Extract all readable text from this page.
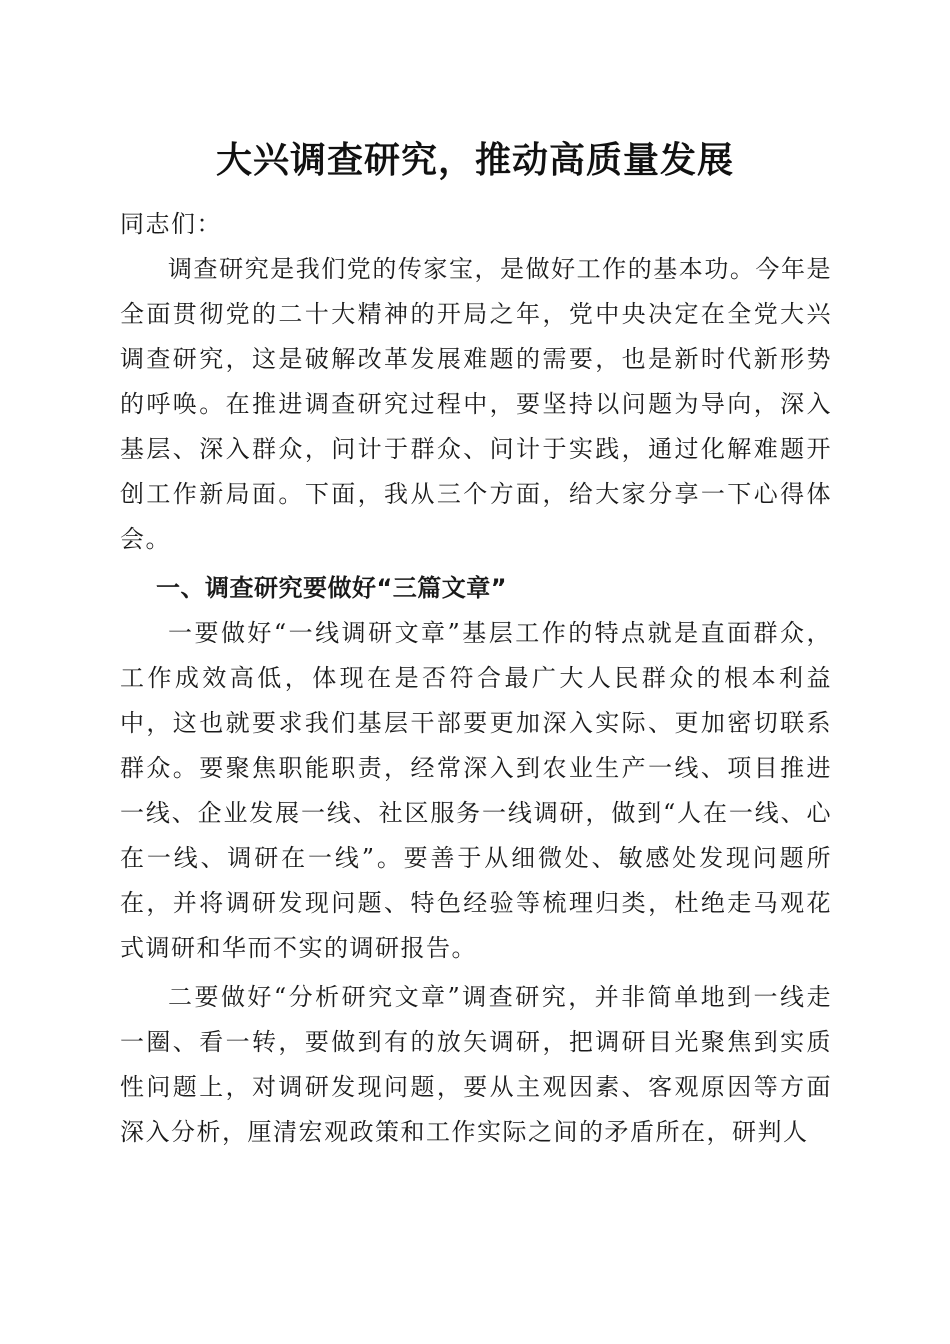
大兴调查研究，推动高质量发展

同志们：

调查研究是我们党的传家宝，是做好工作的基本功。今年是全面贯彻党的二十大精神的开局之年，党中央决定在全党大兴调查研究，这是破解改革发展难题的需要，也是新时代新形势的呼唤。在推进调查研究过程中，要坚持以问题为导向，深入基层、深入群众，问计于群众、问计于实践，通过化解难题开创工作新局面。下面，我从三个方面，给大家分享一下心得体会。

一、调查研究要做好“三篇文章”

一要做好“一线调研文章”基层工作的特点就是直面群众，工作成效高低，体现在是否符合最广大人民群众的根本利益中，这也就要求我们基层干部要更加深入实际、更加密切联系群众。要聚焦职能职责，经常深入到农业生产一线、项目推进一线、企业发展一线、社区服务一线调研，做到“人在一线、心在一线、调研在一线”。要善于从细微处、敏感处发现问题所在，并将调研发现问题、特色经验等梳理归类，杜绝走马观花式调研和华而不实的调研报告。

二要做好“分析研究文章”调查研究，并非简单地到一线走一圈、看一转，要做到有的放矢调研，把调研目光聚焦到实质性问题上，对调研发现问题，要从主观因素、客观原因等方面深入分析，厘清宏观政策和工作实际之间的矛盾所在，研判人
